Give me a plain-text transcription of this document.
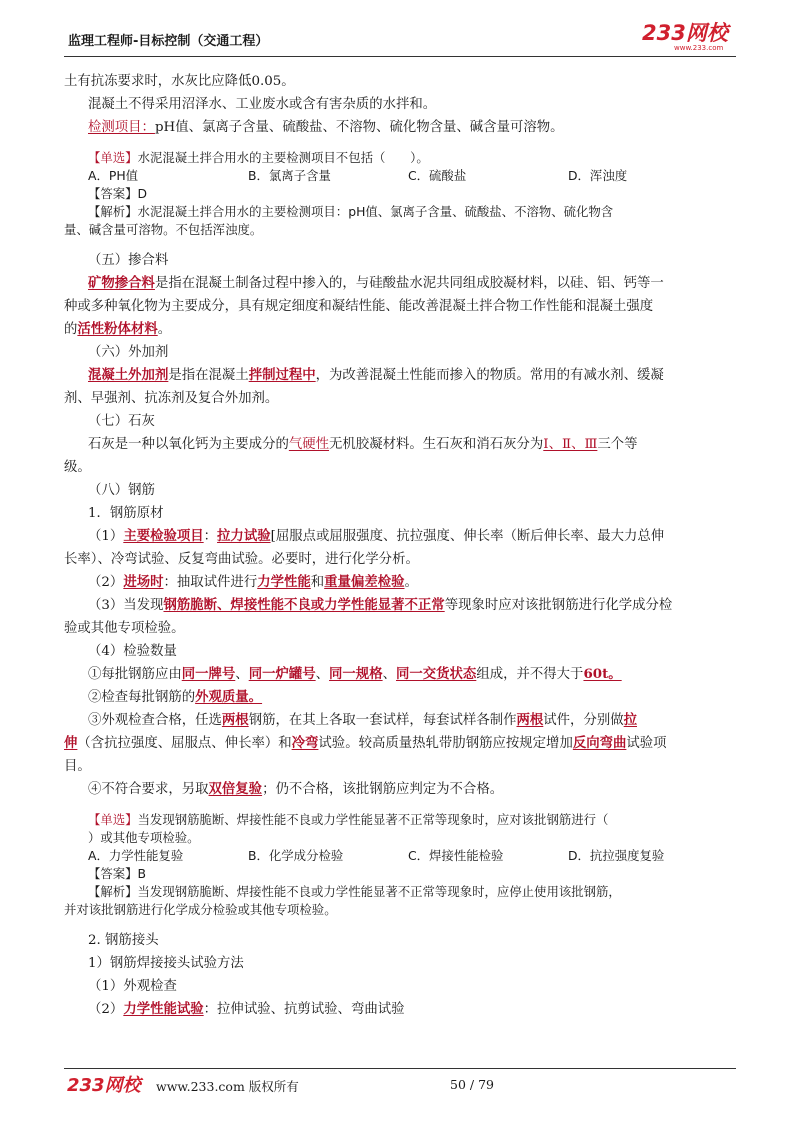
监理工程师-目标控制（交通工程）	233网校
www.233.com
土有抗冻要求时，水灰比应降低0.05。
混凝土不得采用沼泽水、工业废水或含有害杂质的水拌和。
检测项目：pH值、氯离子含量、硫酸盐、不溶物、硫化物含量、碱含量可溶物。
【单选】水泥混凝土拌合用水的主要检测项目不包括（　　）。
A．PH值	B．氯离子含量	C．硫酸盐	D．浑浊度
【答案】D
【解析】水泥混凝土拌合用水的主要检测项目：pH值、氯离子含量、硫酸盐、不溶物、硫化物含
量、碱含量可溶物。不包括浑浊度。
（五）掺合料
矿物掺合料是指在混凝土制备过程中掺入的，与硅酸盐水泥共同组成胶凝材料，以硅、铝、钙等一
种或多种氧化物为主要成分，具有规定细度和凝结性能、能改善混凝土拌合物工作性能和混凝土强度
的活性粉体材料。
（六）外加剂
混凝土外加剂是指在混凝土拌制过程中，为改善混凝土性能而掺入的物质。常用的有减水剂、缓凝
剂、早强剂、抗冻剂及复合外加剂。
（七）石灰
石灰是一种以氧化钙为主要成分的气硬性无机胶凝材料。生石灰和消石灰分为Ⅰ、Ⅱ、Ⅲ三个等
级。
（八）钢筋
1．钢筋原材
（1）主要检验项目：拉力试验[屈服点或屈服强度、抗拉强度、伸长率（断后伸长率、最大力总伸
长率）、冷弯试验、反复弯曲试验。必要时，进行化学分析。
（2）进场时：抽取试件进行力学性能和重量偏差检验。
（3）当发现钢筋脆断、焊接性能不良或力学性能显著不正常等现象时应对该批钢筋进行化学成分检
验或其他专项检验。
（4）检验数量
①每批钢筋应由同一牌号、同一炉罐号、同一规格、同一交货状态组成，并不得大于60t。
②检查每批钢筋的外观质量。
③外观检查合格，任选两根钢筋，在其上各取一套试样，每套试样各制作两根试件，分别做拉
伸（含抗拉强度、屈服点、伸长率）和冷弯试验。较高质量热轧带肋钢筋应按规定增加反向弯曲试验项
目。
④不符合要求，另取双倍复验；仍不合格，该批钢筋应判定为不合格。
【单选】当发现钢筋脆断、焊接性能不良或力学性能显著不正常等现象时，应对该批钢筋进行（
）或其他专项检验。
A．力学性能复验	B．化学成分检验	C．焊接性能检验	D．抗拉强度复验
【答案】B
【解析】当发现钢筋脆断、焊接性能不良或力学性能显著不正常等现象时，应停止使用该批钢筋，
并对该批钢筋进行化学成分检验或其他专项检验。
2. 钢筋接头
1）钢筋焊接接头试验方法
（1）外观检查
（2）力学性能试验：拉伸试验、抗剪试验、弯曲试验
233网校 www.233.com 版权所有	50 / 79
